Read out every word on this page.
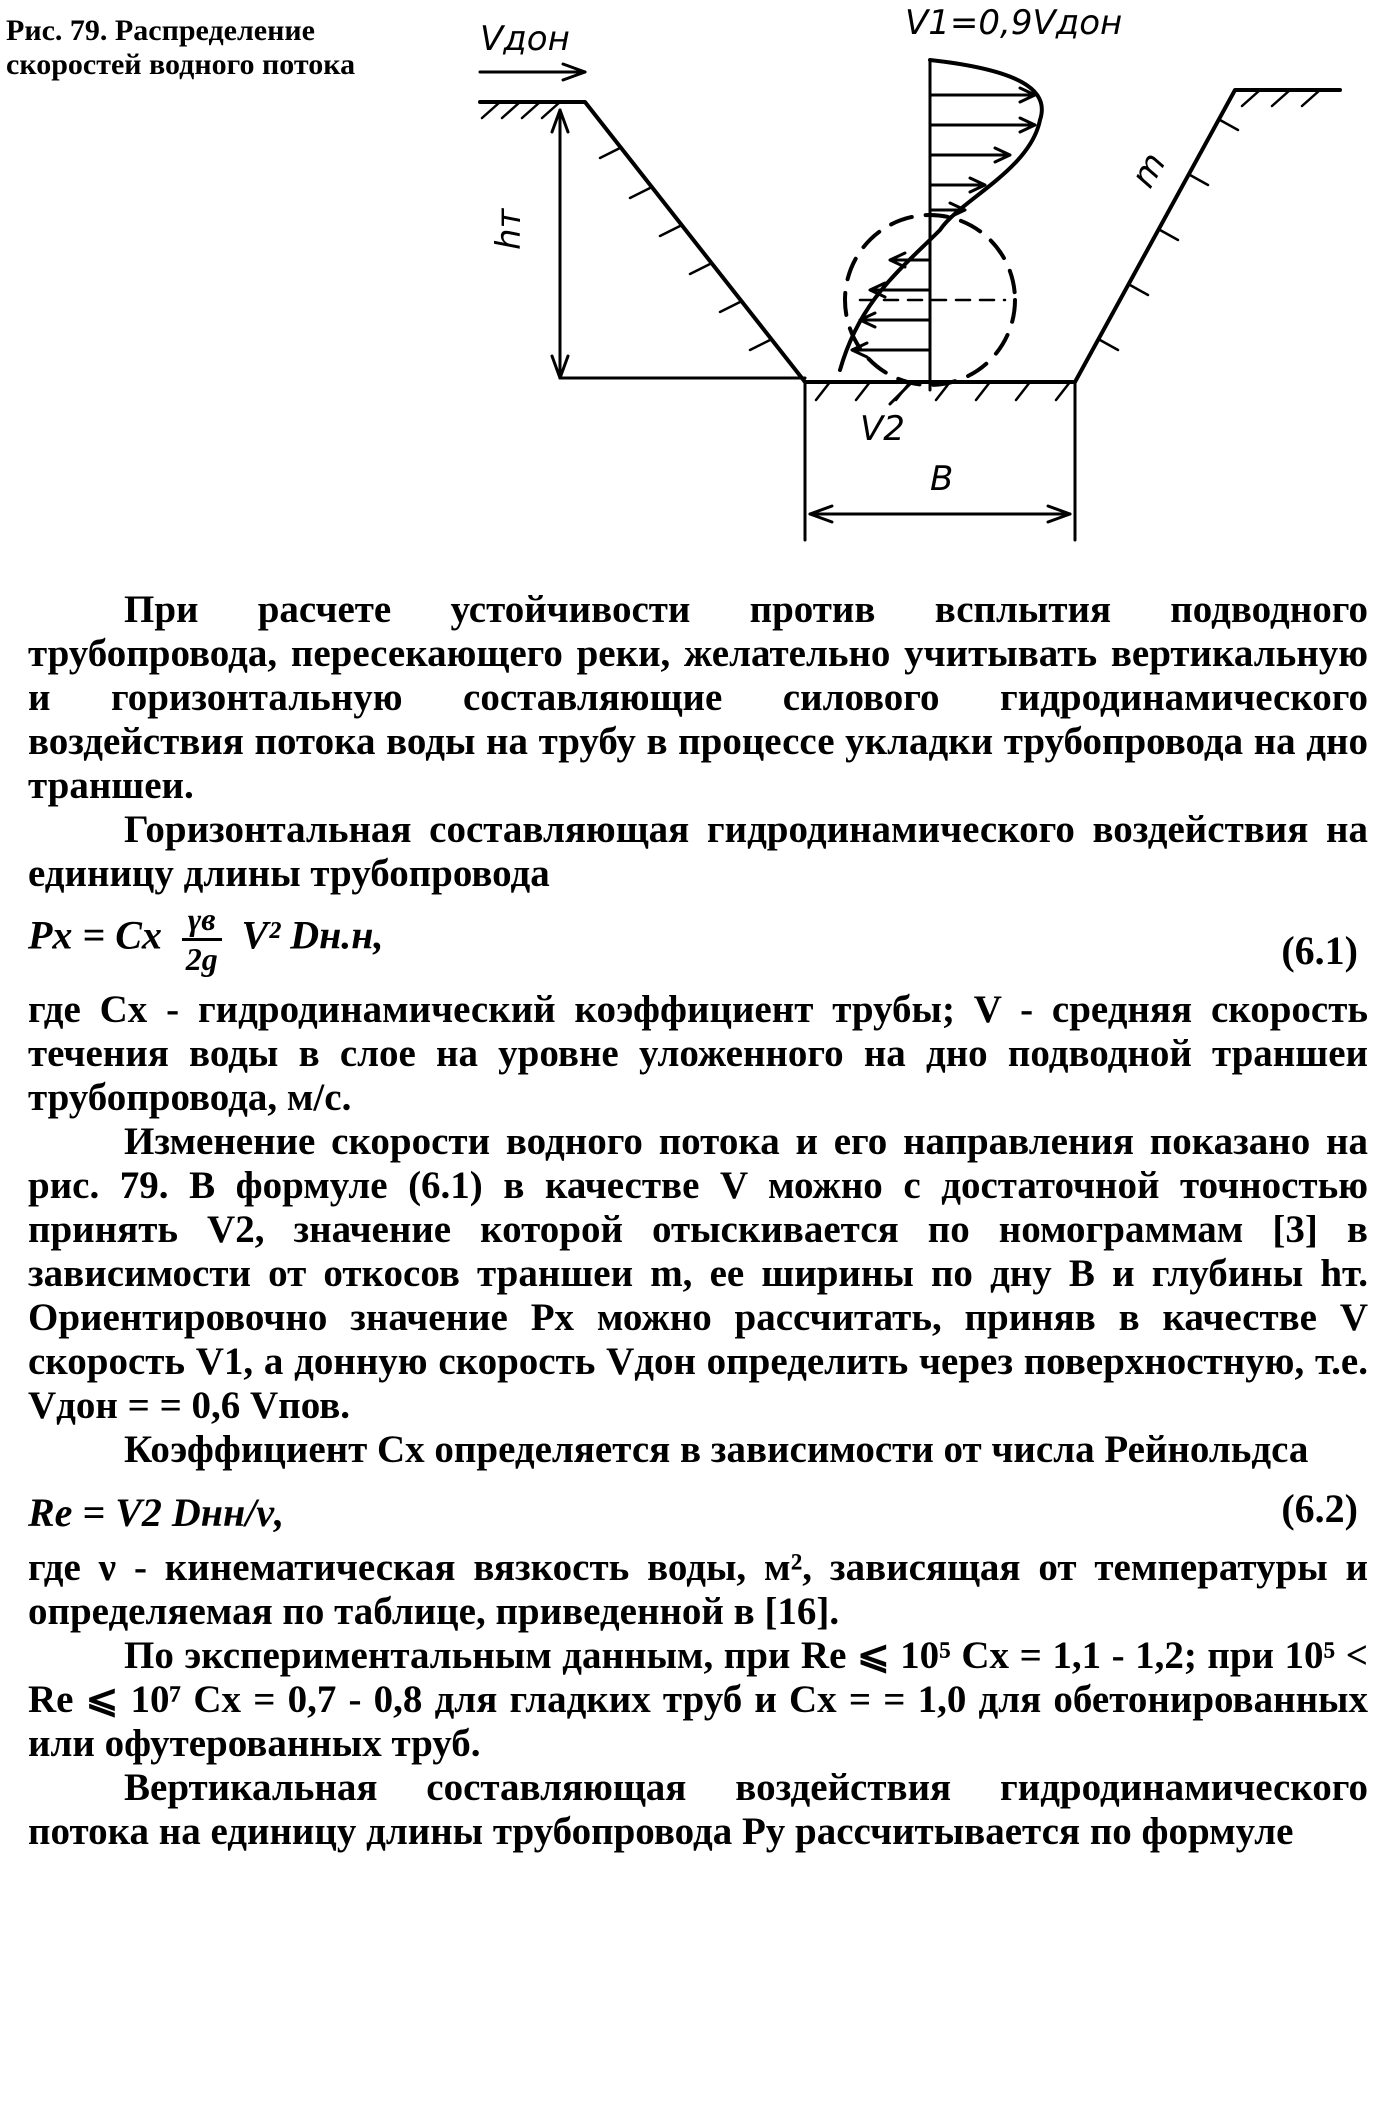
Рис. 79. Распределение скоростей водного потока
Vдон	V1=0,9Vдон
hт
m
V2
B

При расчете устойчивости против всплытия подводного трубопровода, пересекающего реки, желательно учитывать вертикальную и горизонтальную составляющие силового гидродинамического воздействия потока воды на трубу в процессе укладки трубопровода на дно траншеи.

Горизонтальная составляющая гидродинамического воздействия на единицу длины трубопровода

Px = Cx $\frac{\gamma в}{2g} V^2$ Dн.н,	(6.1)

где Cx - гидродинамический коэффициент трубы; V - средняя скорость течения воды в слое на уровне уложенного на дно подводной траншеи трубопровода, м/с.

Изменение скорости водного потока и его направления показано на рис. 79. В формуле (6.1) в качестве V можно с достаточной точностью принять V2, значение которой отыскивается по номограммам [3] в зависимости от откосов траншеи m, ее ширины по дну B и глубины hт. Ориентировочно значение Px можно рассчитать, приняв в качестве V скорость V1, а донную скорость Vдон определить через поверхностную, т.е. Vдон = = 0,6 Vпов.

Коэффициент Cx определяется в зависимости от числа Рейнольдса

Re = V2 Dнн/ν,	(6.2)

где ν - кинематическая вязкость воды, м², зависящая от температуры и определяемая по таблице, приведенной в [16].

По экспериментальным данным, при Re ⩽ 10⁵ Cx = 1,1 - 1,2; при 10⁵ < Re ⩽ 10⁷ Cx = 0,7 - 0,8 для гладких труб и Cx = = 1,0 для обетонированных или офутерованных труб.

Вертикальная составляющая воздействия гидродинамического потока на единицу длины трубопровода Py рассчитывается по формуле
